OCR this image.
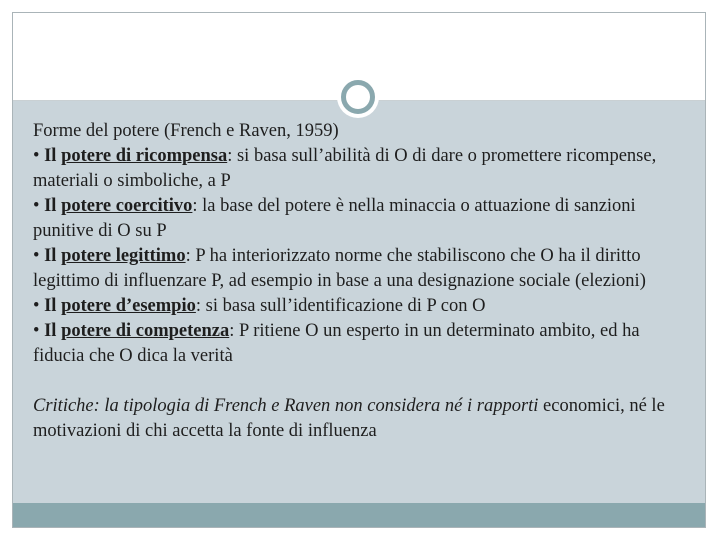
Forme del potere (French e Raven, 1959)

• Il potere di ricompensa: si basa sull’abilità di O di dare o promettere ricompense, materiali o simboliche, a P

• Il potere coercitivo: la base del potere è nella minaccia o attuazione di sanzioni punitive di O su P

• Il potere legittimo: P ha interiorizzato norme che stabiliscono che O ha il diritto legittimo di influenzare P, ad esempio in base a una designazione sociale (elezioni)

• Il potere d’esempio: si basa sull’identificazione di P con O

• Il potere di competenza: P ritiene O un esperto in un determinato ambito, ed ha fiducia che O dica la verità

Critiche: la tipologia di French e Raven non considera né i rapporti economici, né le motivazioni di chi accetta la fonte di influenza
